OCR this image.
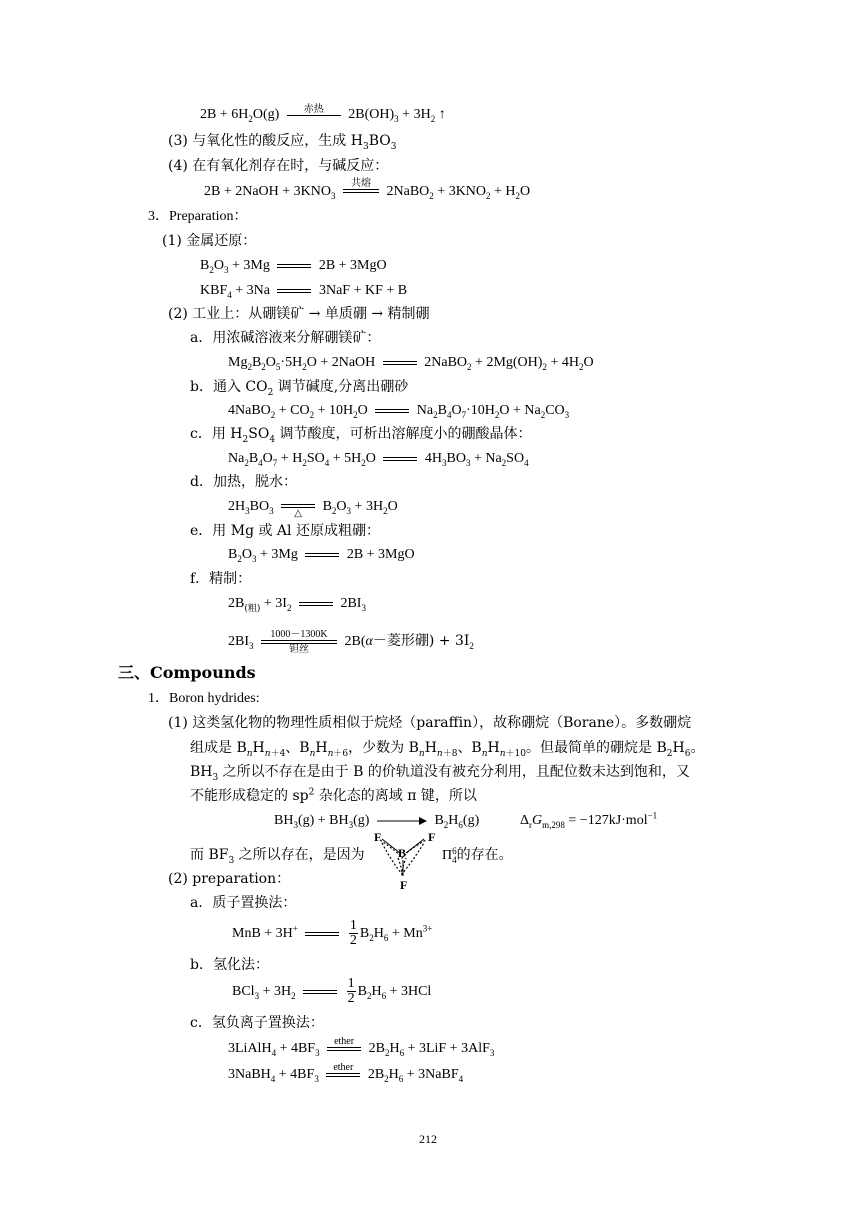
$2B + 6H_2O(g)$	赤热	$2B(OH)_3 + 3H_2$ ↑
(3) 与氧化性的酸反应，生成 $H_3BO_3$
(4) 在有氧化剂存在时，与碱反应：
2B + 2NaOH + $3KNO_3$
共熔
2NaBO$_2$ + $3KNO_2 + H_2O$
3．Preparation：
(1) 金属还原：
$B_2O_3 + 3Mg$	2B + 3MgO
$KBF_4 + 3Na$	3NaF + KF + B
(2) 工业上：从硼镁矿 → 单质硼 → 精制硼
a．用浓碱溶液来分解硼镁矿：
$Mg_2B_2O_5\cdot 5H_2O$ + 2NaOH	2NaBO$_2$ + $2Mg(OH)_2 + 4H_2O$
b．通入 $CO_2$ 调节碱度,分离出硼砂
4NaBO$_2$ + $CO_2 + 10H_2O$	$Na_2B_4O_7\cdot 10H_2O + Na_2CO_3$
c．用 $H_2SO_4$ 调节酸度，可析出溶解度小的硼酸晶体：
$Na_2B_4O_7 + H_2SO_4 + 5H_2O$	$4H_3BO_3 + Na_2SO_4$
d．加热，脱水：
$2H_3BO_3$	△	$B_2O_3 + 3H_2O$
e．用 Mg 或 Al 还原成粗硼：
$B_2O_3 + 3Mg$	2B + 3MgO
f．精制：
$2B_{(粗)} + 3I_2$	$2BI_3$
$2BI_3$
1000－1300K
钽丝
2B(α－菱形硼) + $3I_2$
三、Compounds
1．Boron hydrides:
(1) 这类氢化物的物理性质相似于烷烃（paraffin），故称硼烷（Borane）。多数硼烷
组成是 $B_nH_{n+4}$、$B_nH_{n+6}$，少数为 $B_nH_{n+8}$、$B_nH_{n+10}$。但最简单的硼烷是 $B_2H_6$。
$BH_3$ 之所以不存在是由于 B 的价轨道没有被充分利用，且配位数未达到饱和，又
不能形成稳定的 $sp^2$ 杂化态的离域 π 键，所以
$BH_3(g) + BH_3(g)$	$B_2H_6(g)$	$\Delta_rG_{m,298} = -127kJ\cdot mol^{-1}$
而 $BF_3$ 之所以存在，是因为
F	F
B
F
Π 6
4 的存在。
(2) preparation：
a．质子置换法：
MnB + 3H+
	$\frac{1}{2} B_2H_6 + Mn^{3+}$
b．氢化法：
$BCl_3 + 3H_2$
	$\frac{1}{2} B_2H_6 + 3HCl$
c．氢负离子置换法：
3LiAlH$_4$ + $4BF_3$
ether	$2B_2H_6 + 3LiF + 3AlF_3$
3NaBH$_4$ + $4BF_3$
ether	$2B_2H_6$ + 3NaBF$_4$
212
